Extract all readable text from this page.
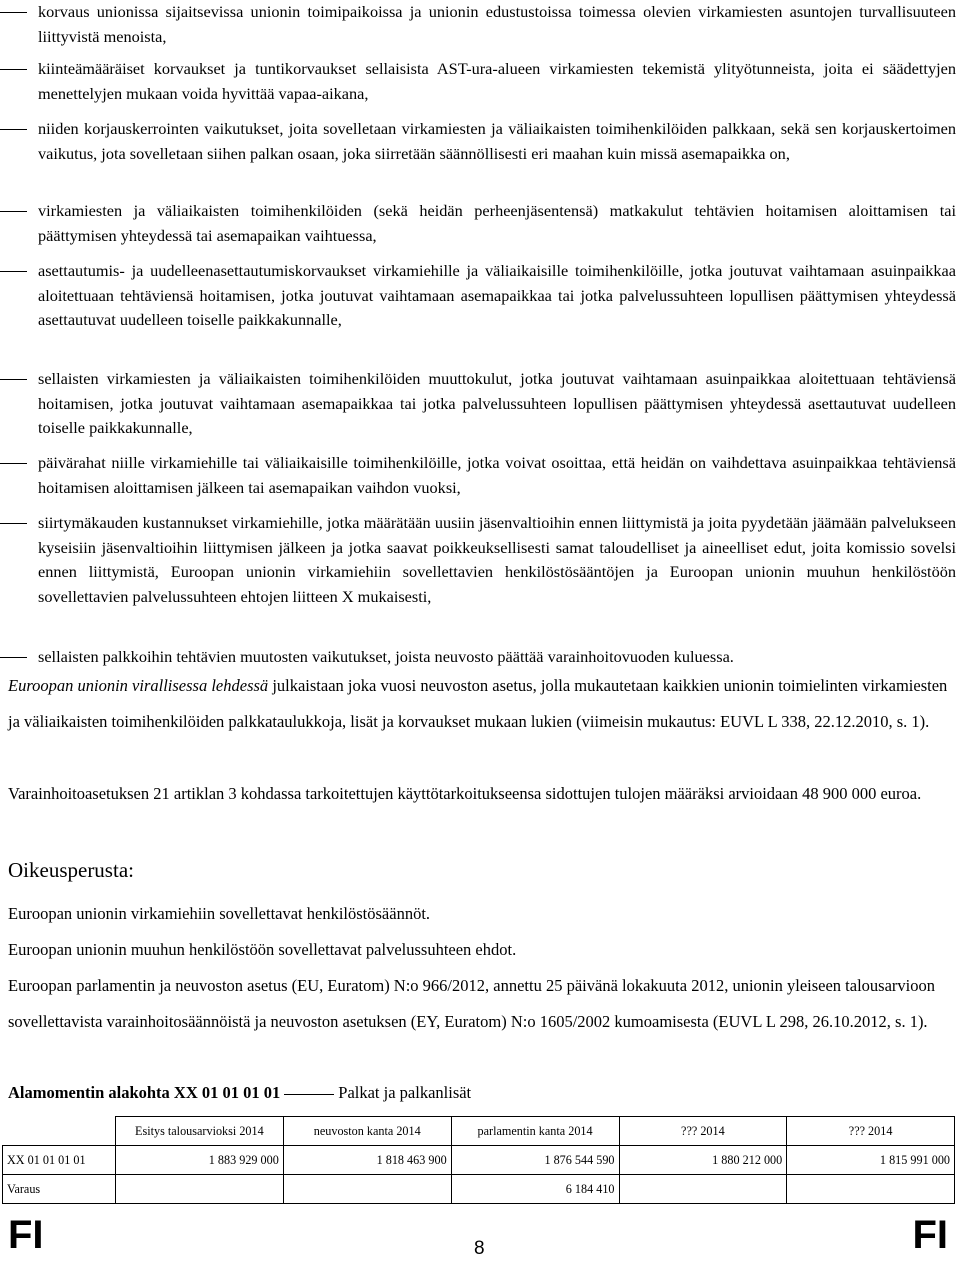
korvaus unionissa sijaitsevissa unionin toimipaikoissa ja unionin edustustoissa toimessa olevien virkamiesten asuntojen turvallisuuteen liittyvistä menoista,
kiinteämääräiset korvaukset ja tuntikorvaukset sellaisista AST-ura-alueen virkamiesten tekemistä ylityötunneista, joita ei säädettyjen menettelyjen mukaan voida hyvittää vapaa-aikana,
niiden korjauskerrointen vaikutukset, joita sovelletaan virkamiesten ja väliaikaisten toimihenkilöiden palkkaan, sekä sen korjauskertoimen vaikutus, jota sovelletaan siihen palkan osaan, joka siirretään säännöllisesti eri maahan kuin missä asemapaikka on,
virkamiesten ja väliaikaisten toimihenkilöiden (sekä heidän perheenjäsentensä) matkakulut tehtävien hoitamisen aloittamisen tai päättymisen yhteydessä tai asemapaikan vaihtuessa,
asettautumis- ja uudelleenasettautumiskorvaukset virkamiehille ja väliaikaisille toimihenkilöille, jotka joutuvat vaihtamaan asuinpaikkaa aloitettuaan tehtäviensä hoitamisen, jotka joutuvat vaihtamaan asemapaikkaa tai jotka palvelussuhteen lopullisen päättymisen yhteydessä asettautuvat uudelleen toiselle paikkakunnalle,
sellaisten virkamiesten ja väliaikaisten toimihenkilöiden muuttokulut, jotka joutuvat vaihtamaan asuinpaikkaa aloitettuaan tehtäviensä hoitamisen, jotka joutuvat vaihtamaan asemapaikkaa tai jotka palvelussuhteen lopullisen päättymisen yhteydessä asettautuvat uudelleen toiselle paikkakunnalle,
päivärahat niille virkamiehille tai väliaikaisille toimihenkilöille, jotka voivat osoittaa, että heidän on vaihdettava asuinpaikkaa tehtäviensä hoitamisen aloittamisen jälkeen tai asemapaikan vaihdon vuoksi,
siirtymäkauden kustannukset virkamiehille, jotka määrätään uusiin jäsenvaltioihin ennen liittymistä ja joita pyydetään jäämään palvelukseen kyseisiin jäsenvaltioihin liittymisen jälkeen ja jotka saavat poikkeuksellisesti samat taloudelliset ja aineelliset edut, joita komissio sovelsi ennen liittymistä, Euroopan unionin virkamiehiin sovellettavien henkilöstösääntöjen ja Euroopan unionin muuhun henkilöstöön sovellettavien palvelussuhteen ehtojen liitteen X mukaisesti,
sellaisten palkkoihin tehtävien muutosten vaikutukset, joista neuvosto päättää varainhoitovuoden kuluessa.
Euroopan unionin virallisessa lehdessä julkaistaan joka vuosi neuvoston asetus, jolla mukautetaan kaikkien unionin toimielinten virkamiesten ja väliaikaisten toimihenkilöiden palkkataulukkoja, lisät ja korvaukset mukaan lukien (viimeisin mukautus: EUVL L 338, 22.12.2010, s. 1).
Varainhoitoasetuksen 21 artiklan 3 kohdassa tarkoitettujen käyttötarkoitukseensa sidottujen tulojen määräksi arvioidaan 48 900 000 euroa.
Oikeusperusta:
Euroopan unionin virkamiehiin sovellettavat henkilöstösäännöt.
Euroopan unionin muuhun henkilöstöön sovellettavat palvelussuhteen ehdot.
Euroopan parlamentin ja neuvoston asetus (EU, Euratom) N:o 966/2012, annettu 25 päivänä lokakuuta 2012, unionin yleiseen talousarvioon sovellettavista varainhoitosäännöistä ja neuvoston asetuksen (EY, Euratom) N:o 1605/2002 kumoamisesta (EUVL L 298, 26.10.2012, s. 1).
Alamomentin alakohta XX 01 01 01 01	Palkat ja palkanlisät
	Esitys talousarvioksi 2014	neuvoston kanta 2014	parlamentin kanta 2014	??? 2014	??? 2014
XX 01 01 01 01	1 883 929 000	1 818 463 900	1 876 544 590	1 880 212 000	1 815 991 000
Varaus			6 184 410		
FI	8	FI
